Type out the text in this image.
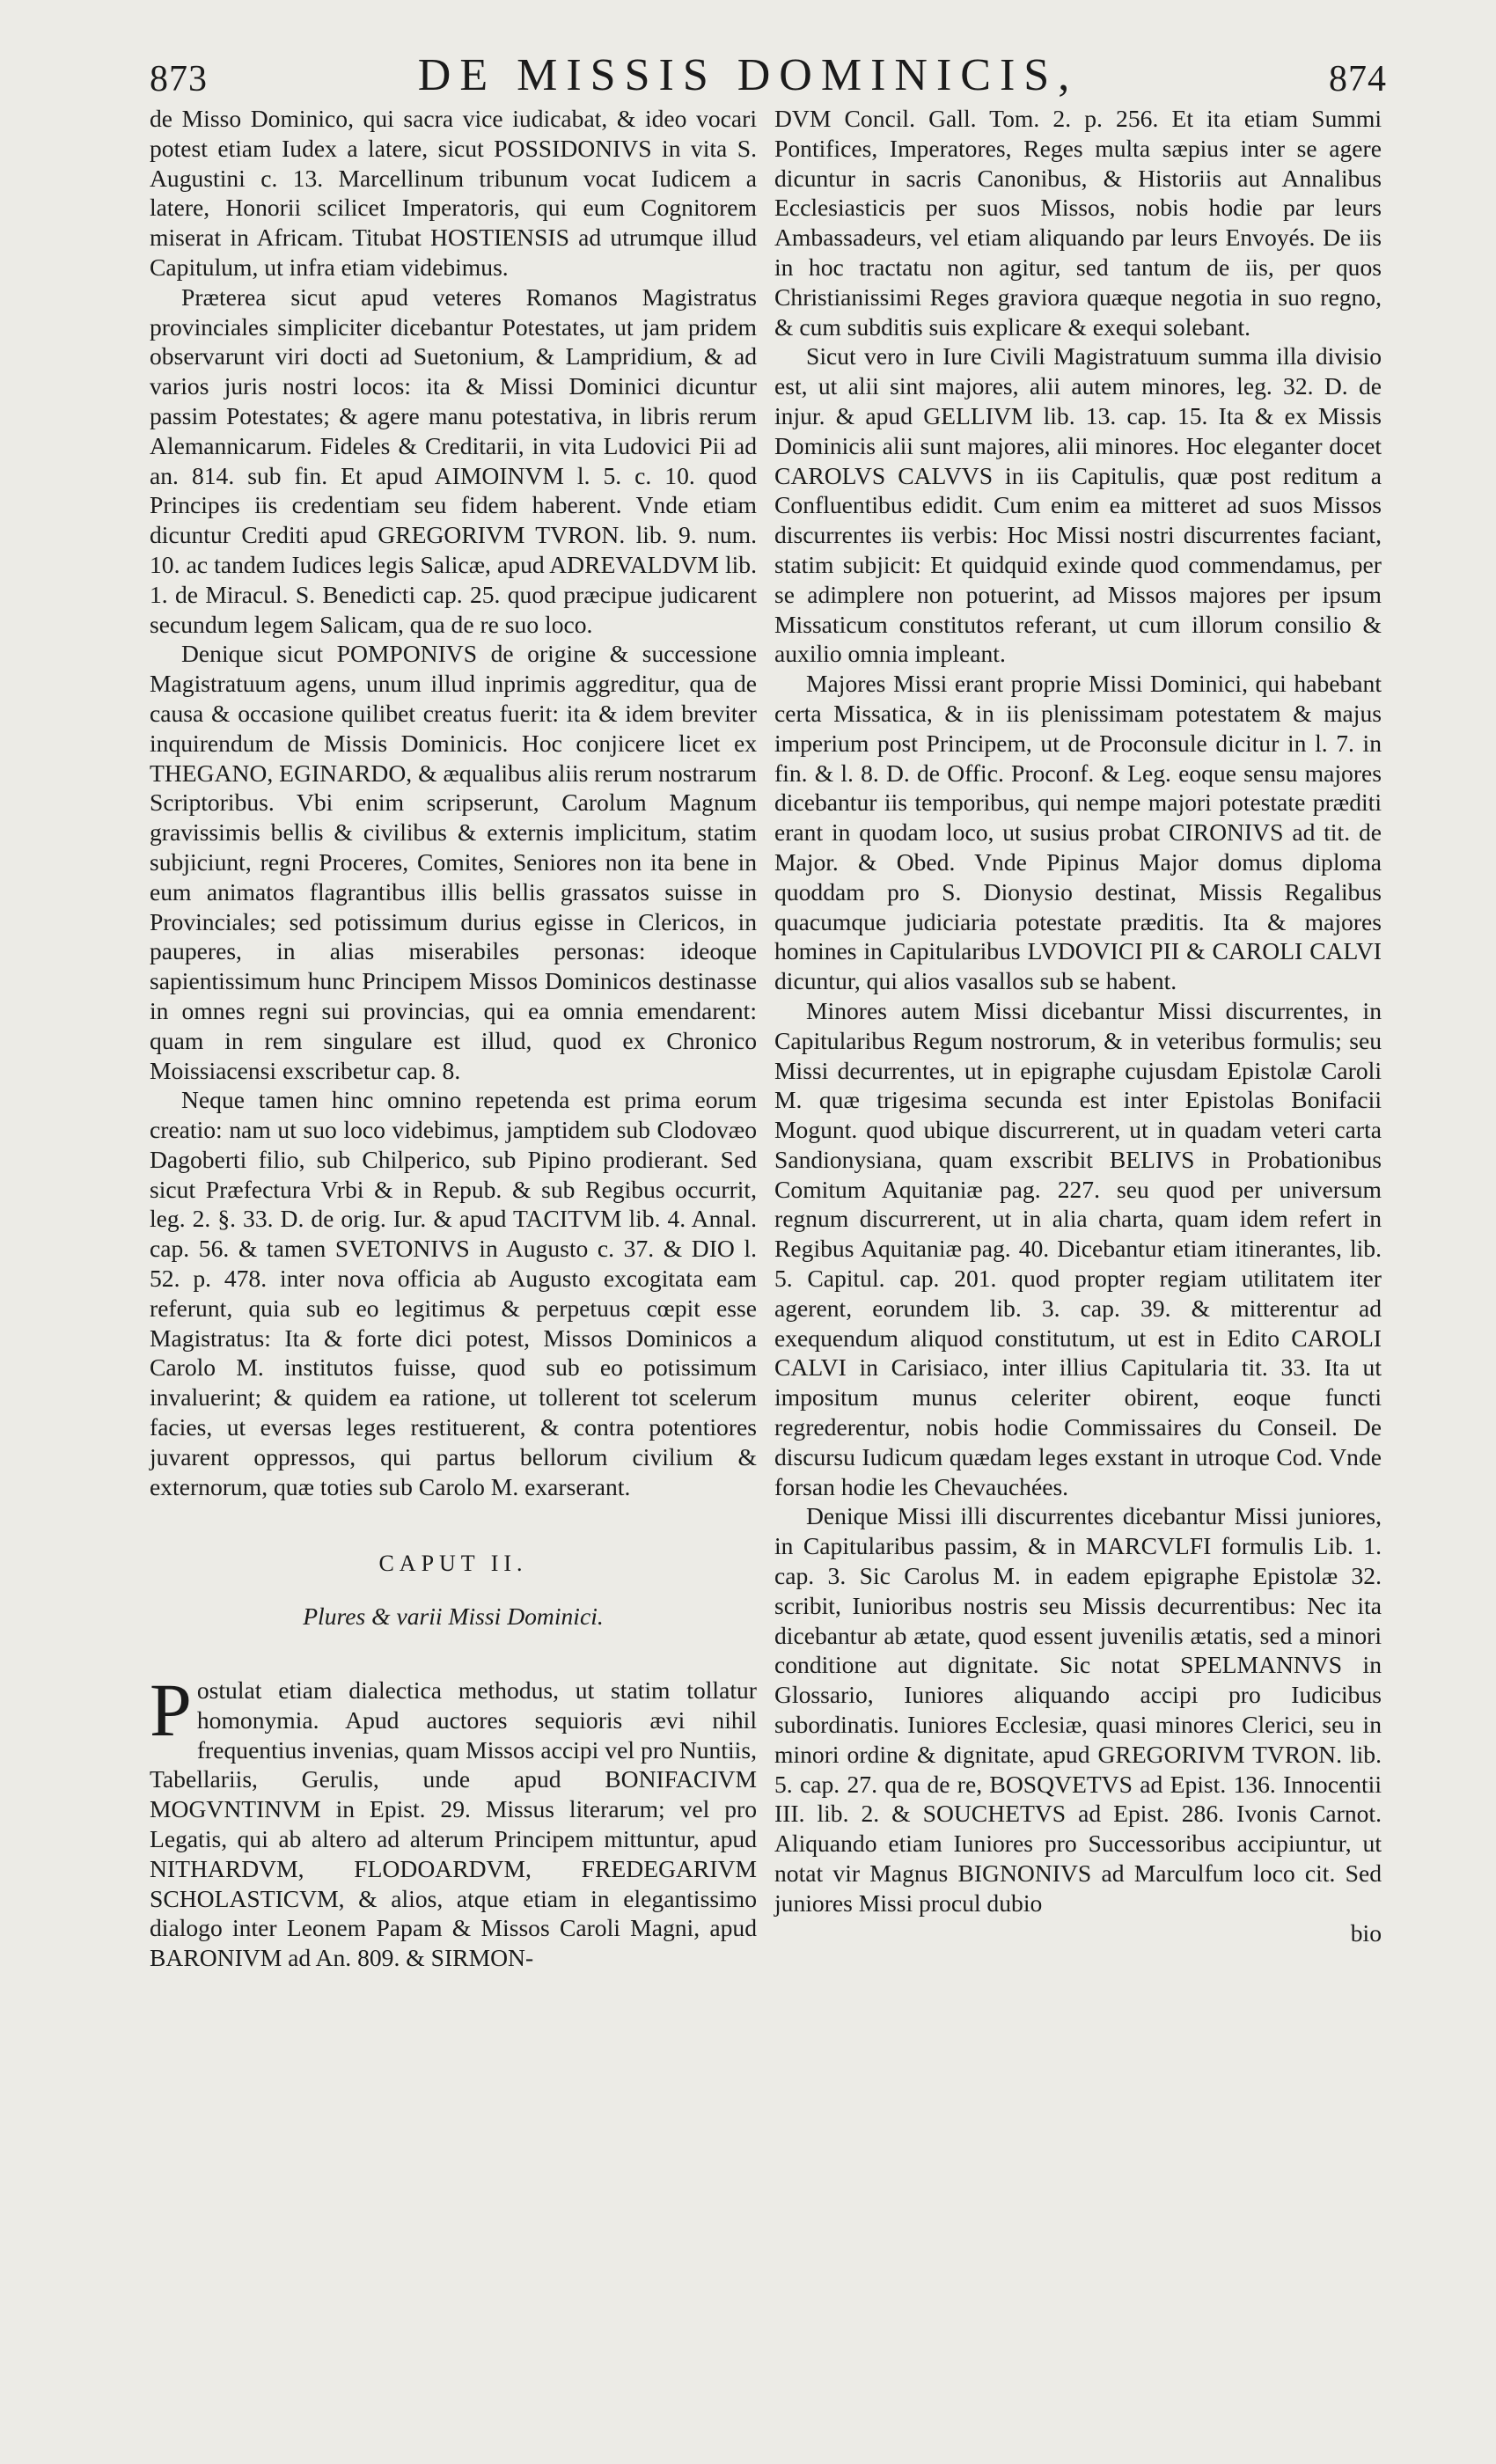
873	DE MISSIS DOMINICIS,	874

de Misso Dominico, qui sacra vice iudicabat, & ideo vocari potest etiam Iudex a latere, sicut POSSIDONIVS in vita S. Augustini c. 13. Marcellinum tribunum vocat Iudicem a latere, Honorii scilicet Imperatoris, qui eum Cognitorem miserat in Africam. Titubat HOSTIENSIS ad utrumque illud Capitulum, ut infra etiam videbimus.

Præterea sicut apud veteres Romanos Magistratus provinciales simpliciter dicebantur Potestates, ut jam pridem observarunt viri docti ad Suetonium, & Lampridium, & ad varios juris nostri locos: ita & Missi Dominici dicuntur passim Potestates; & agere manu potestativa, in libris rerum Alemannicarum. Fideles & Creditarii, in vita Ludovici Pii ad an. 814. sub fin. Et apud AIMOINVM l. 5. c. 10. quod Principes iis credentiam seu fidem haberent. Vnde etiam dicuntur Crediti apud GREGORIVM TVRON. lib. 9. num. 10. ac tandem Iudices legis Salicæ, apud ADREVALDVM lib. 1. de Miracul. S. Benedicti cap. 25. quod præcipue judicarent secundum legem Salicam, qua de re suo loco.

Denique sicut POMPONIVS de origine & successione Magistratuum agens, unum illud inprimis aggreditur, qua de causa & occasione quilibet creatus fuerit: ita & idem breviter inquirendum de Missis Dominicis. Hoc conjicere licet ex THEGANO, EGINARDO, & æqualibus aliis rerum nostrarum Scriptoribus. Vbi enim scripserunt, Carolum Magnum gravissimis bellis & civilibus & externis implicitum, statim subjiciunt, regni Proceres, Comites, Seniores non ita bene in eum animatos flagrantibus illis bellis grassatos suisse in Provinciales; sed potissimum durius egisse in Clericos, in pauperes, in alias miserabiles personas: ideoque sapientissimum hunc Principem Missos Dominicos destinasse in omnes regni sui provincias, qui ea omnia emendarent: quam in rem singulare est illud, quod ex Chronico Moissiacensi exscribetur cap. 8.

Neque tamen hinc omnino repetenda est prima eorum creatio: nam ut suo loco videbimus, jamptidem sub Clodovæo Dagoberti filio, sub Chilperico, sub Pipino prodierant. Sed sicut Præfectura Vrbi & in Repub. & sub Regibus occurrit, leg. 2. §. 33. D. de orig. Iur. & apud TACITVM lib. 4. Annal. cap. 56. & tamen SVETONIVS in Augusto c. 37. & DIO l. 52. p. 478. inter nova officia ab Augusto excogitata eam referunt, quia sub eo legitimus & perpetuus cœpit esse Magistratus: Ita & forte dici potest, Missos Dominicos a Carolo M. institutos fuisse, quod sub eo potissimum invaluerint; & quidem ea ratione, ut tollerent tot scelerum facies, ut eversas leges restituerent, & contra potentiores juvarent oppressos, qui partus bellorum civilium & externorum, quæ toties sub Carolo M. exarserant.

CAPUT II.
Plures & varii Missi Dominici.

P ostulat etiam dialectica methodus, ut statim tollatur homonymia. Apud auctores sequioris ævi nihil frequentius invenias, quam Missos accipi vel pro Nuntiis, Tabellariis, Gerulis, unde apud BONIFACIVM MOGVNTINVM in Epist. 29. Missus literarum; vel pro Legatis, qui ab altero ad alterum Principem mittuntur, apud NITHARDVM, FLODOARDVM, FREDEGARIVM SCHOLASTICVM, & alios, atque etiam in elegantissimo dialogo inter Leonem Papam & Missos Caroli Magni, apud BARONIVM ad An. 809. & SIRMON-

DVM Concil. Gall. Tom. 2. p. 256. Et ita etiam Summi Pontifices, Imperatores, Reges multa sæpius inter se agere dicuntur in sacris Canonibus, & Historiis aut Annalibus Ecclesiasticis per suos Missos, nobis hodie par leurs Ambassadeurs, vel etiam aliquando par leurs Envoyés. De iis in hoc tractatu non agitur, sed tantum de iis, per quos Christianissimi Reges graviora quæque negotia in suo regno, & cum subditis suis explicare & exequi solebant.

Sicut vero in Iure Civili Magistratuum summa illa divisio est, ut alii sint majores, alii autem minores, leg. 32. D. de injur. & apud GELLIVM lib. 13. cap. 15. Ita & ex Missis Dominicis alii sunt majores, alii minores. Hoc eleganter docet CAROLVS CALVVS in iis Capitulis, quæ post reditum a Confluentibus edidit. Cum enim ea mitteret ad suos Missos discurrentes iis verbis: Hoc Missi nostri discurrentes faciant, statim subjicit: Et quidquid exinde quod commendamus, per se adimplere non potuerint, ad Missos majores per ipsum Missaticum constitutos referant, ut cum illorum consilio & auxilio omnia impleant.

Majores Missi erant proprie Missi Dominici, qui habebant certa Missatica, & in iis plenissimam potestatem & majus imperium post Principem, ut de Proconsule dicitur in l. 7. in fin. & l. 8. D. de Offic. Proconf. & Leg. eoque sensu majores dicebantur iis temporibus, qui nempe majori potestate præditi erant in quodam loco, ut susius probat CIRONIVS ad tit. de Major. & Obed. Vnde Pipinus Major domus diploma quoddam pro S. Dionysio destinat, Missis Regalibus quacumque judiciaria potestate præditis. Ita & majores homines in Capitularibus LVDOVICI PII & CAROLI CALVI dicuntur, qui alios vasallos sub se habent.

Minores autem Missi dicebantur Missi discurrentes, in Capitularibus Regum nostrorum, & in veteribus formulis; seu Missi decurrentes, ut in epigraphe cujusdam Epistolæ Caroli M. quæ trigesima secunda est inter Epistolas Bonifacii Mogunt. quod ubique discurrerent, ut in quadam veteri carta Sandionysiana, quam exscribit BELIVS in Probationibus Comitum Aquitaniæ pag. 227. seu quod per universum regnum discurrerent, ut in alia charta, quam idem refert in Regibus Aquitaniæ pag. 40. Dicebantur etiam itinerantes, lib. 5. Capitul. cap. 201. quod propter regiam utilitatem iter agerent, eorundem lib. 3. cap. 39. & mitterentur ad exequendum aliquod constitutum, ut est in Edito CAROLI CALVI in Carisiaco, inter illius Capitularia tit. 33. Ita ut impositum munus celeriter obirent, eoque functi regrederentur, nobis hodie Commissaires du Conseil. De discursu Iudicum quædam leges exstant in utroque Cod. Vnde forsan hodie les Chevauchées.

Denique Missi illi discurrentes dicebantur Missi juniores, in Capitularibus passim, & in MARCVLFI formulis Lib. 1. cap. 3. Sic Carolus M. in eadem epigraphe Epistolæ 32. scribit, Iunioribus nostris seu Missis decurrentibus: Nec ita dicebantur ab ætate, quod essent juvenilis ætatis, sed a minori conditione aut dignitate. Sic notat SPELMANNVS in Glossario, Iuniores aliquando accipi pro Iudicibus subordinatis. Iuniores Ecclesiæ, quasi minores Clerici, seu in minori ordine & dignitate, apud GREGORIVM TVRON. lib. 5. cap. 27. qua de re, BOSQVETVS ad Epist. 136. Innocentii III. lib. 2. & SOUCHETVS ad Epist. 286. Ivonis Carnot. Aliquando etiam Iuniores pro Successoribus accipiuntur, ut notat vir Magnus BIGNONIVS ad Marculfum loco cit. Sed juniores Missi procul dubio

bio
